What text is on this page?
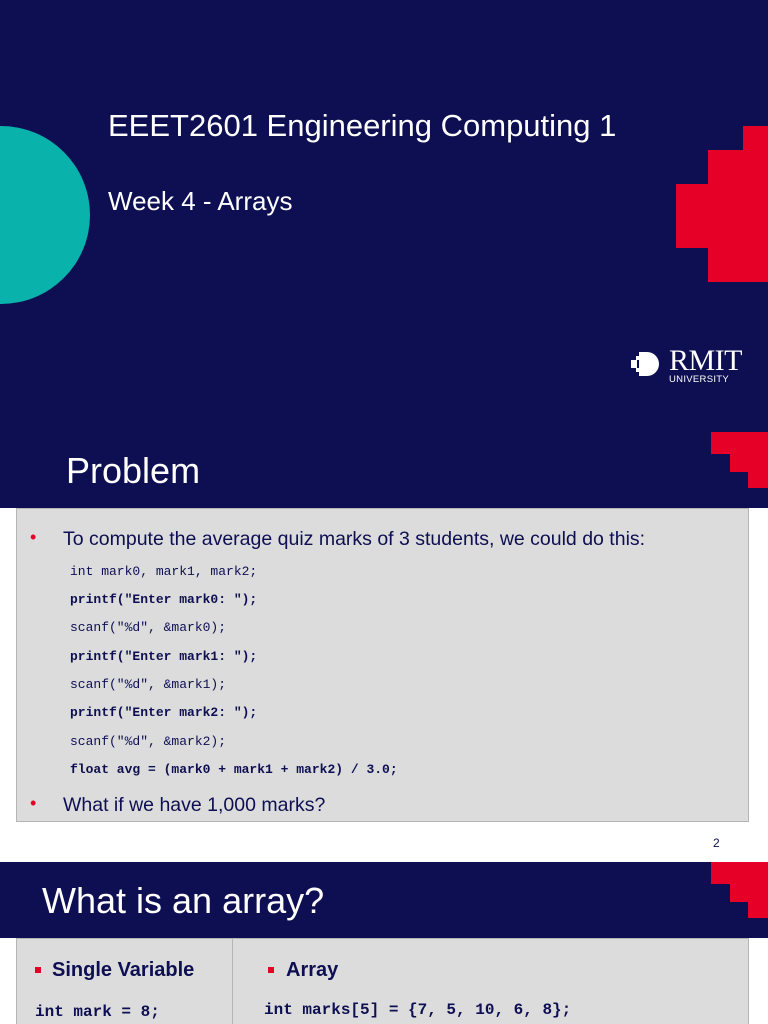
EEET2601 Engineering Computing 1
Week 4 - Arrays
RMIT
UNIVERSITY
Problem
• To compute the average quiz marks of 3 students, we could do this:
int mark0, mark1, mark2;
printf("Enter mark0: ");
scanf("%d", &mark0);
printf("Enter mark1: ");
scanf("%d", &mark1);
printf("Enter mark2: ");
scanf("%d", &mark2);
float avg = (mark0 + mark1 + mark2) / 3.0;
• What if we have 1,000 marks?
2
What is an array?
Single Variable
int mark = 8;
Array
int marks[5] = {7, 5, 10, 6, 8};
